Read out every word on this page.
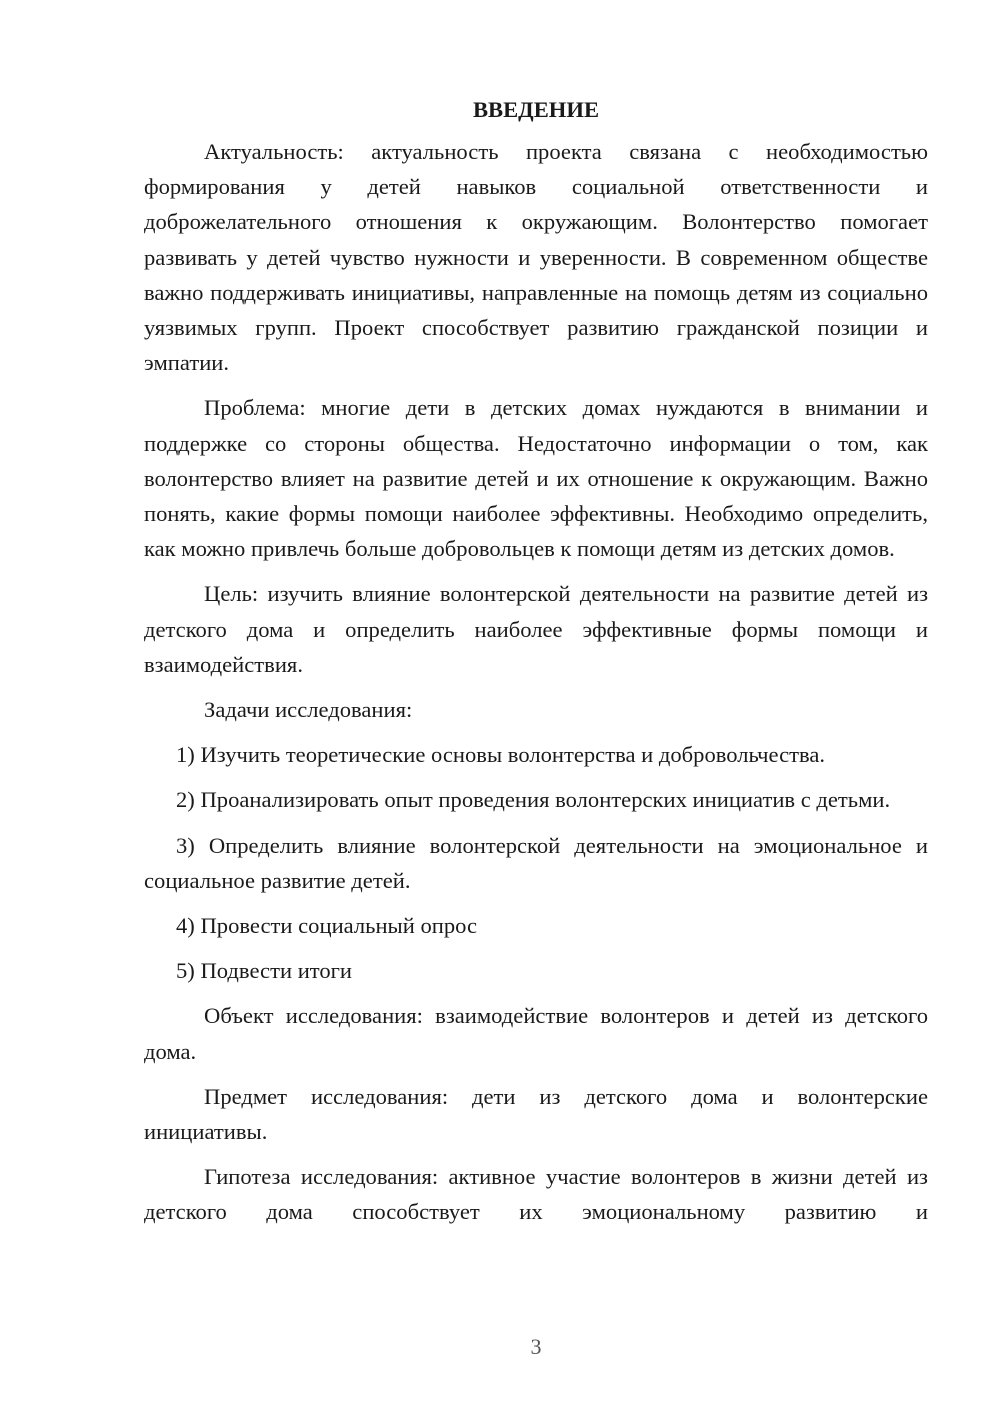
ВВЕДЕНИЕ

Актуальность: актуальность проекта связана с необходимостью формирования у детей навыков социальной ответственности и доброжелательного отношения к окружающим. Волонтерство помогает развивать у детей чувство нужности и уверенности. В современном обществе важно поддерживать инициативы, направленные на помощь детям из социально уязвимых групп. Проект способствует развитию гражданской позиции и эмпатии.

Проблема: многие дети в детских домах нуждаются в внимании и поддержке со стороны общества. Недостаточно информации о том, как волонтерство влияет на развитие детей и их отношение к окружающим. Важно понять, какие формы помощи наиболее эффективны. Необходимо определить, как можно привлечь больше добровольцев к помощи детям из детских домов.

Цель: изучить влияние волонтерской деятельности на развитие детей из детского дома и определить наиболее эффективные формы помощи и взаимодействия.

Задачи исследования:

1) Изучить теоретические основы волонтерства и добровольчества.

2) Проанализировать опыт проведения волонтерских инициатив с детьми.

3) Определить влияние волонтерской деятельности на эмоциональное и социальное развитие детей.

4) Провести социальный опрос

5) Подвести итоги

Объект исследования: взаимодействие волонтеров и детей из детского дома.

Предмет исследования: дети из детского дома и волонтерские инициативы.

Гипотеза исследования: активное участие волонтеров в жизни детей из детского дома способствует их эмоциональному развитию и

3
